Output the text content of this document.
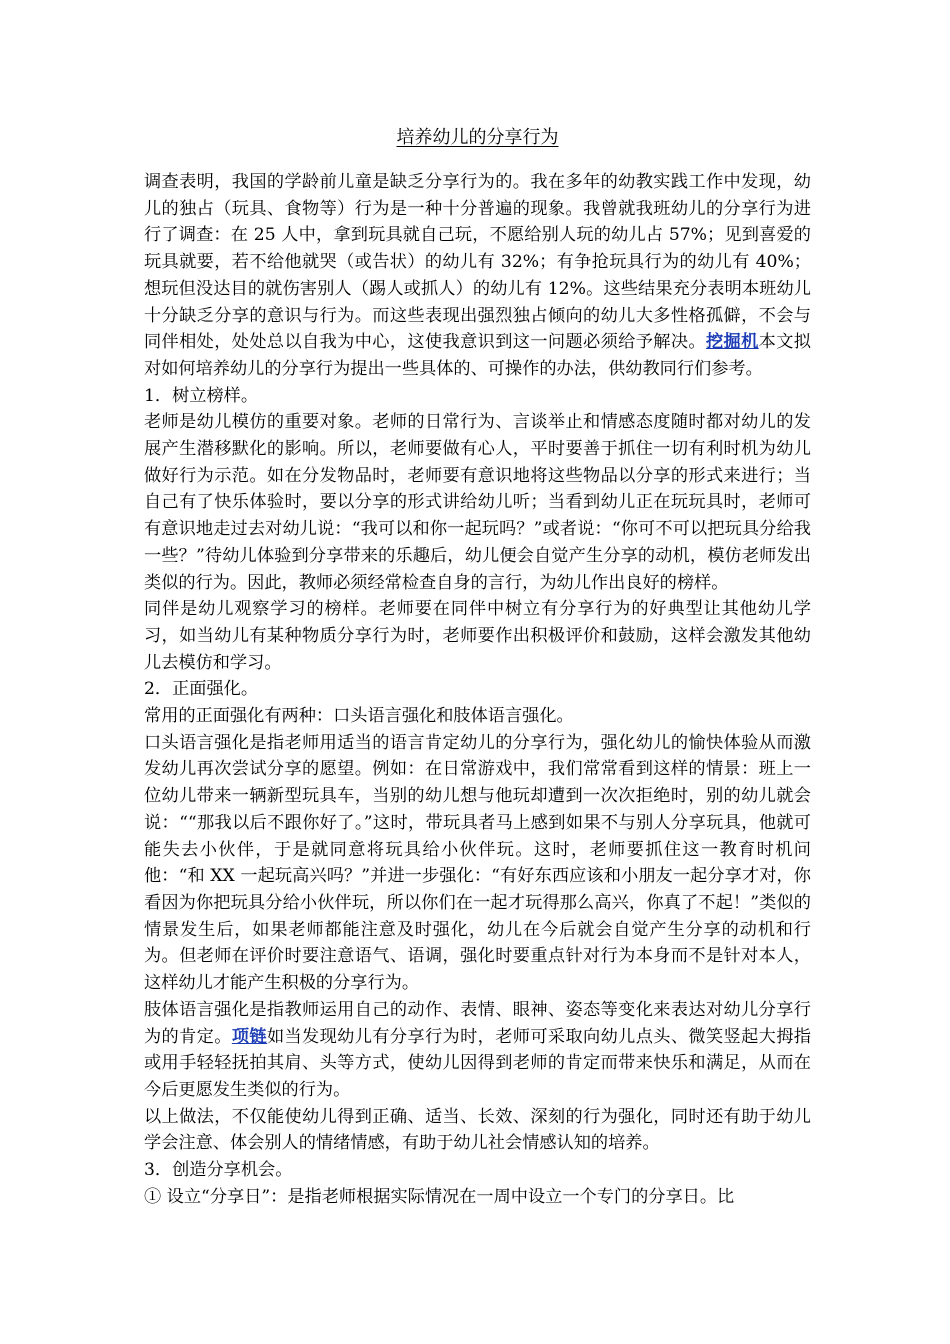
培养幼儿的分享行为

调查表明，我国的学龄前儿童是缺乏分享行为的。我在多年的幼教实践工作中发现，幼儿的独占（玩具、食物等）行为是一种十分普遍的现象。我曾就我班幼儿的分享行为进行了调查：在 25 人中，拿到玩具就自己玩，不愿给别人玩的幼儿占 57%；见到喜爱的玩具就要，若不给他就哭（或告状）的幼儿有 32%；有争抢玩具行为的幼儿有 40%；想玩但没达目的就伤害别人（踢人或抓人）的幼儿有 12%。这些结果充分表明本班幼儿十分缺乏分享的意识与行为。而这些表现出强烈独占倾向的幼儿大多性格孤僻，不会与同伴相处，处处总以自我为中心，这使我意识到这一问题必须给予解决。挖掘机本文拟对如何培养幼儿的分享行为提出一些具体的、可操作的办法，供幼教同行们参考。

1．树立榜样。

老师是幼儿模仿的重要对象。老师的日常行为、言谈举止和情感态度随时都对幼儿的发展产生潜移默化的影响。所以，老师要做有心人，平时要善于抓住一切有利时机为幼儿做好行为示范。如在分发物品时，老师要有意识地将这些物品以分享的形式来进行；当自己有了快乐体验时，要以分享的形式讲给幼儿听；当看到幼儿正在玩玩具时，老师可有意识地走过去对幼儿说：“我可以和你一起玩吗？”或者说：“你可不可以把玩具分给我一些？”待幼儿体验到分享带来的乐趣后，幼儿便会自觉产生分享的动机，模仿老师发出类似的行为。因此，教师必须经常检查自身的言行，为幼儿作出良好的榜样。

同伴是幼儿观察学习的榜样。老师要在同伴中树立有分享行为的好典型让其他幼儿学习，如当幼儿有某种物质分享行为时，老师要作出积极评价和鼓励，这样会激发其他幼儿去模仿和学习。

2．正面强化。

常用的正面强化有两种：口头语言强化和肢体语言强化。

口头语言强化是指老师用适当的语言肯定幼儿的分享行为，强化幼儿的愉快体验从而激发幼儿再次尝试分享的愿望。例如：在日常游戏中，我们常常看到这样的情景：班上一位幼儿带来一辆新型玩具车，当别的幼儿想与他玩却遭到一次次拒绝时，别的幼儿就会说：““那我以后不跟你好了。”这时，带玩具者马上感到如果不与别人分享玩具，他就可能失去小伙伴，于是就同意将玩具给小伙伴玩。这时，老师要抓住这一教育时机问他：“和 XX 一起玩高兴吗？”并进一步强化：“有好东西应该和小朋友一起分享才对，你看因为你把玩具分给小伙伴玩，所以你们在一起才玩得那么高兴，你真了不起！”类似的情景发生后，如果老师都能注意及时强化，幼儿在今后就会自觉产生分享的动机和行为。但老师在评价时要注意语气、语调，强化时要重点针对行为本身而不是针对本人，这样幼儿才能产生积极的分享行为。

肢体语言强化是指教师运用自己的动作、表情、眼神、姿态等变化来表达对幼儿分享行为的肯定。项链如当发现幼儿有分享行为时，老师可采取向幼儿点头、微笑竖起大拇指或用手轻轻抚拍其肩、头等方式，使幼儿因得到老师的肯定而带来快乐和满足，从而在今后更愿发生类似的行为。

以上做法，不仅能使幼儿得到正确、适当、长效、深刻的行为强化，同时还有助于幼儿学会注意、体会别人的情绪情感，有助于幼儿社会情感认知的培养。

3．创造分享机会。

① 设立“分享日”：是指老师根据实际情况在一周中设立一个专门的分享日。比
